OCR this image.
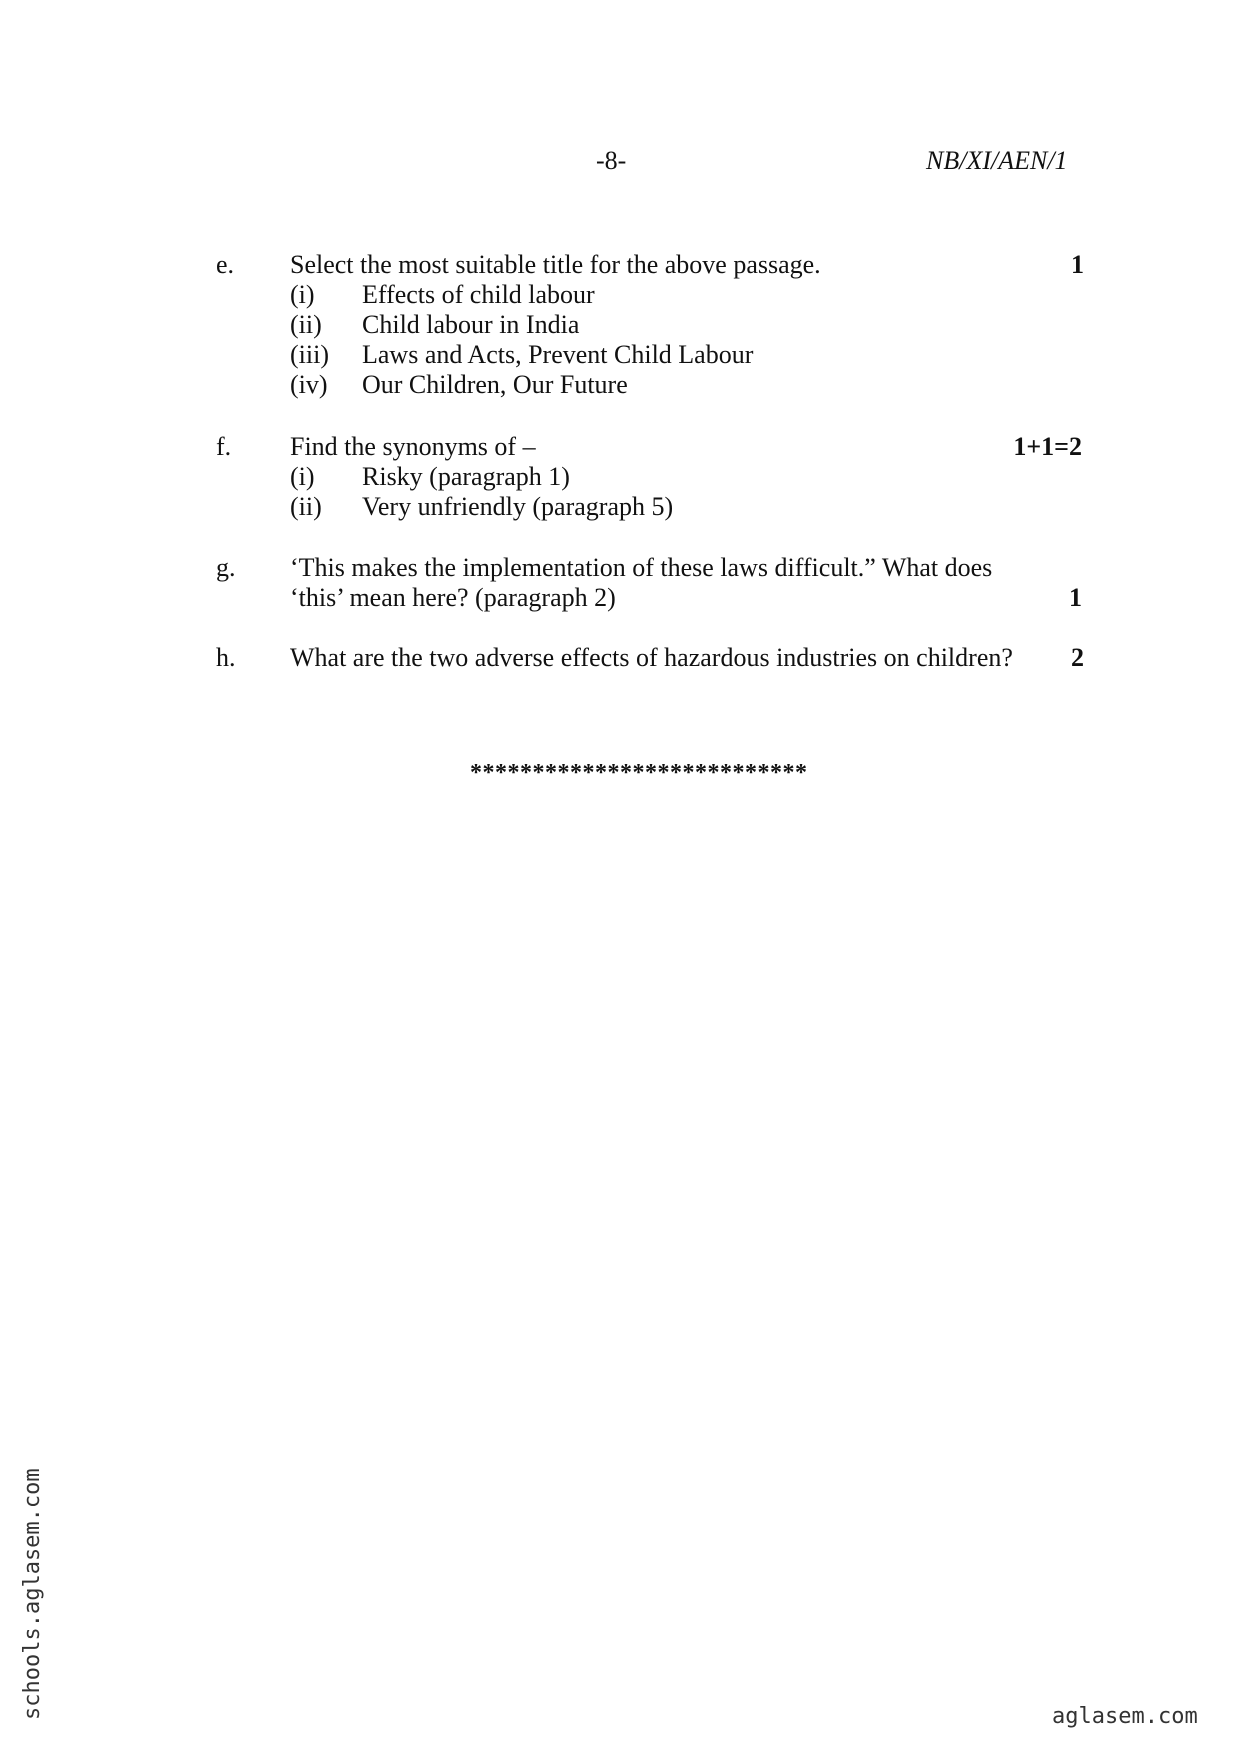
-8-	NB/XI/AEN/1
e. Select the most suitable title for the above passage.
(i) Effects of child labour
(ii) Child labour in India
(iii) Laws and Acts, Prevent Child Labour
(iv) Our Children, Our Future
1
f. Find the synonyms of –
(i) Risky (paragraph 1)
(ii) Very unfriendly (paragraph 5)
1+1=2
g. ‘This makes the implementation of these laws difficult.” What does
‘this’ mean here? (paragraph 2)	1
h. What are the two adverse effects of hazardous industries on children?	2
***************************
schools.aglasem.com	aglasem.com
